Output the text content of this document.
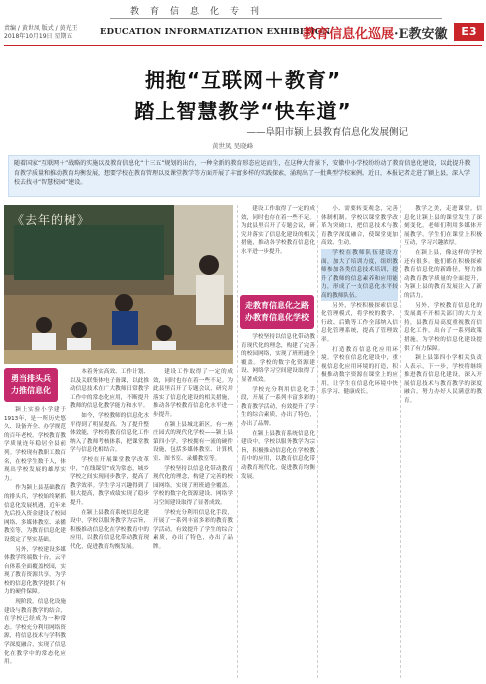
教育信息化专刊
责编 / 黄世凤 版式 / 黄光王
2018年10月19日 星期五	EDUCATION INFORMATIZATION EXHIBITION
教育信息化巡展·E教安徽	E3
拥抱“互联网＋教育”
踏上智慧教学“快车道”
——阜阳市颍上县教育信息化发展侧记
黄世凤 吴晓峰
随着国家“互联网＋”战略的实施以及教育信息化“十三五”规划的出台，一种全新的教育形态应运而生，在这种大背景下，安徽中小学校纷纷动了教育信息化建设，以此提升教育教学质量和推动教育均衡发展，想要学校在教育管理以及课堂教学等方面开展了丰富多样的实践探索，涌现出了一批典型学校案例。近日，本报记者走进了颍上县，深入学校去找寻“智慧校园”建设。
《去年的树》
勇当排头兵
力推信息化
走教育信息化之路
办教育信息化学校

颍上实验小学建于1913年，是一所历史悠久、设备齐全、办学规范的百年老校。学校教育教学质量连年稳居全县前列。学校现有教职工数百名，在校学生数千人，体现出学校发展的雄厚实力。

作为颍上县基础教育的排头兵，学校始终紧抓信息化发展机遇，近年来先后投入资金建设了校园网络、多媒体教室、录播教室等，为教育信息化建设奠定了坚实基础。

另外，学校建设多媒体教学终端数十台，云平台体系全面覆盖校园，实现了教育资源共享，为学校的信息化教学提供了有力的硬件保障。

现阶段，信息化设施建设与教育教学的结合，在学校已经成为一种常态。学校充分利用网络资源，将信息技术与学科教学深度融合，实现了信息化在教学中的常态化应用。

本着务实高效、工作计划、以及关联集体电子备课，以此推动信息技术在广大教师日常教学工作中的常态化应用，不断提升教师的信息化教学能力和水平。

如今，学校教师的信息化水平得到了明显提高。为了提升整体效能，学校将教育信息化工作纳入了教师考核体系，把课堂教学与信息化相结合。

学校在开展课堂教学改革中，“在线课堂”成为常态，城乡学校之间实现同步教学，提高了教学效率。学生学习兴趣得到了很大提高，教学成绩实现了稳步提升。

在颍上县教育系统信息化建设中，学校以服务教学为宗旨，积极推动信息化在学校教育中的应用，以教育信息化带动教育现代化，促进教育均衡发展。

建设工作取得了一定的成效，同时也存在着一些不足。为此县里召开了专题会议，研究并落实了信息化建设的相关措施，推动各学校教育信息化水平进一步提升。

在颍上县城北新区，有一座庄园式的现代化学校——颍上县第四小学。学校拥有一流的硬件设施，包括多媒体教室、计算机室、图书室、录播教室等。

学校坚持以信息化带动教育现代化的理念，构建了完善的校园网络，实现了班班通全覆盖。学校的数字化资源建设、网络学习空间建设取得了显著成效。

学校充分利用信息化手段，开展了一系列丰富多彩的教育教学活动，有效提升了学生的综合素质，办出了特色，办出了品牌。

建设工作取得了一定的成效，同时也存在着一些不足。为此县里召开了专题会议，研究并落实了信息化建设的相关措施，推动各学校教育信息化水平进一步提升。

学校坚持以信息化带动教育现代化的理念，构建了完善的校园网络，实现了班班通全覆盖。学校的数字化资源建设、网络学习空间建设取得了显著成效。

学校充分利用信息化手段，开展了一系列丰富多彩的教育教学活动，有效提升了学生的综合素质，办出了特色，办出了品牌。

在颍上县教育系统信息化建设中，学校以服务教学为宗旨，积极推动信息化在学校教育中的应用，以教育信息化带动教育现代化，促进教育均衡发展。

小、需要转变观念，完善体制机制。学校以课堂教学改革为突破口，把信息技术与教育教学深度融合，使课堂更加高效、生动。

学校在教师队伍建设方面，加大了培训力度，组织教师参加各类信息技术培训，提升了教师的信息素养和应用能力，形成了一支信息化水平较高的教师队伍。

另外，学校积极探索信息化管理模式，将学校的教学、行政、后勤等工作全部纳入信息化管理系统，提高了管理效率。

打造教育信息化应用环境。学校在信息化建设中，重视信息化应用环境的打造，积极推动数字资源在课堂上的应用，让学生在信息化环境中快乐学习、健康成长。

教学之美，走进课堂。信息化让颍上县的课堂发生了深刻变化，老师们利用多媒体开展教学，学生们在课堂上积极互动，学习兴趣浓厚。

在颍上县，像这样的学校还有很多。他们都在积极探索教育信息化的新路径，努力推动教育教学质量的全面提升，为颍上县的教育发展注入了新的活力。

另外，学校教育信息化的发展离不开相关部门的大力支持，县教育局高度重视教育信息化工作，出台了一系列政策措施，为学校的信息化建设提供了有力保障。

颍上县第四小学相关负责人表示，下一步，学校将继续推进教育信息化建设，深入开展信息技术与教育教学的深度融合，努力办好人民满意的教育。
